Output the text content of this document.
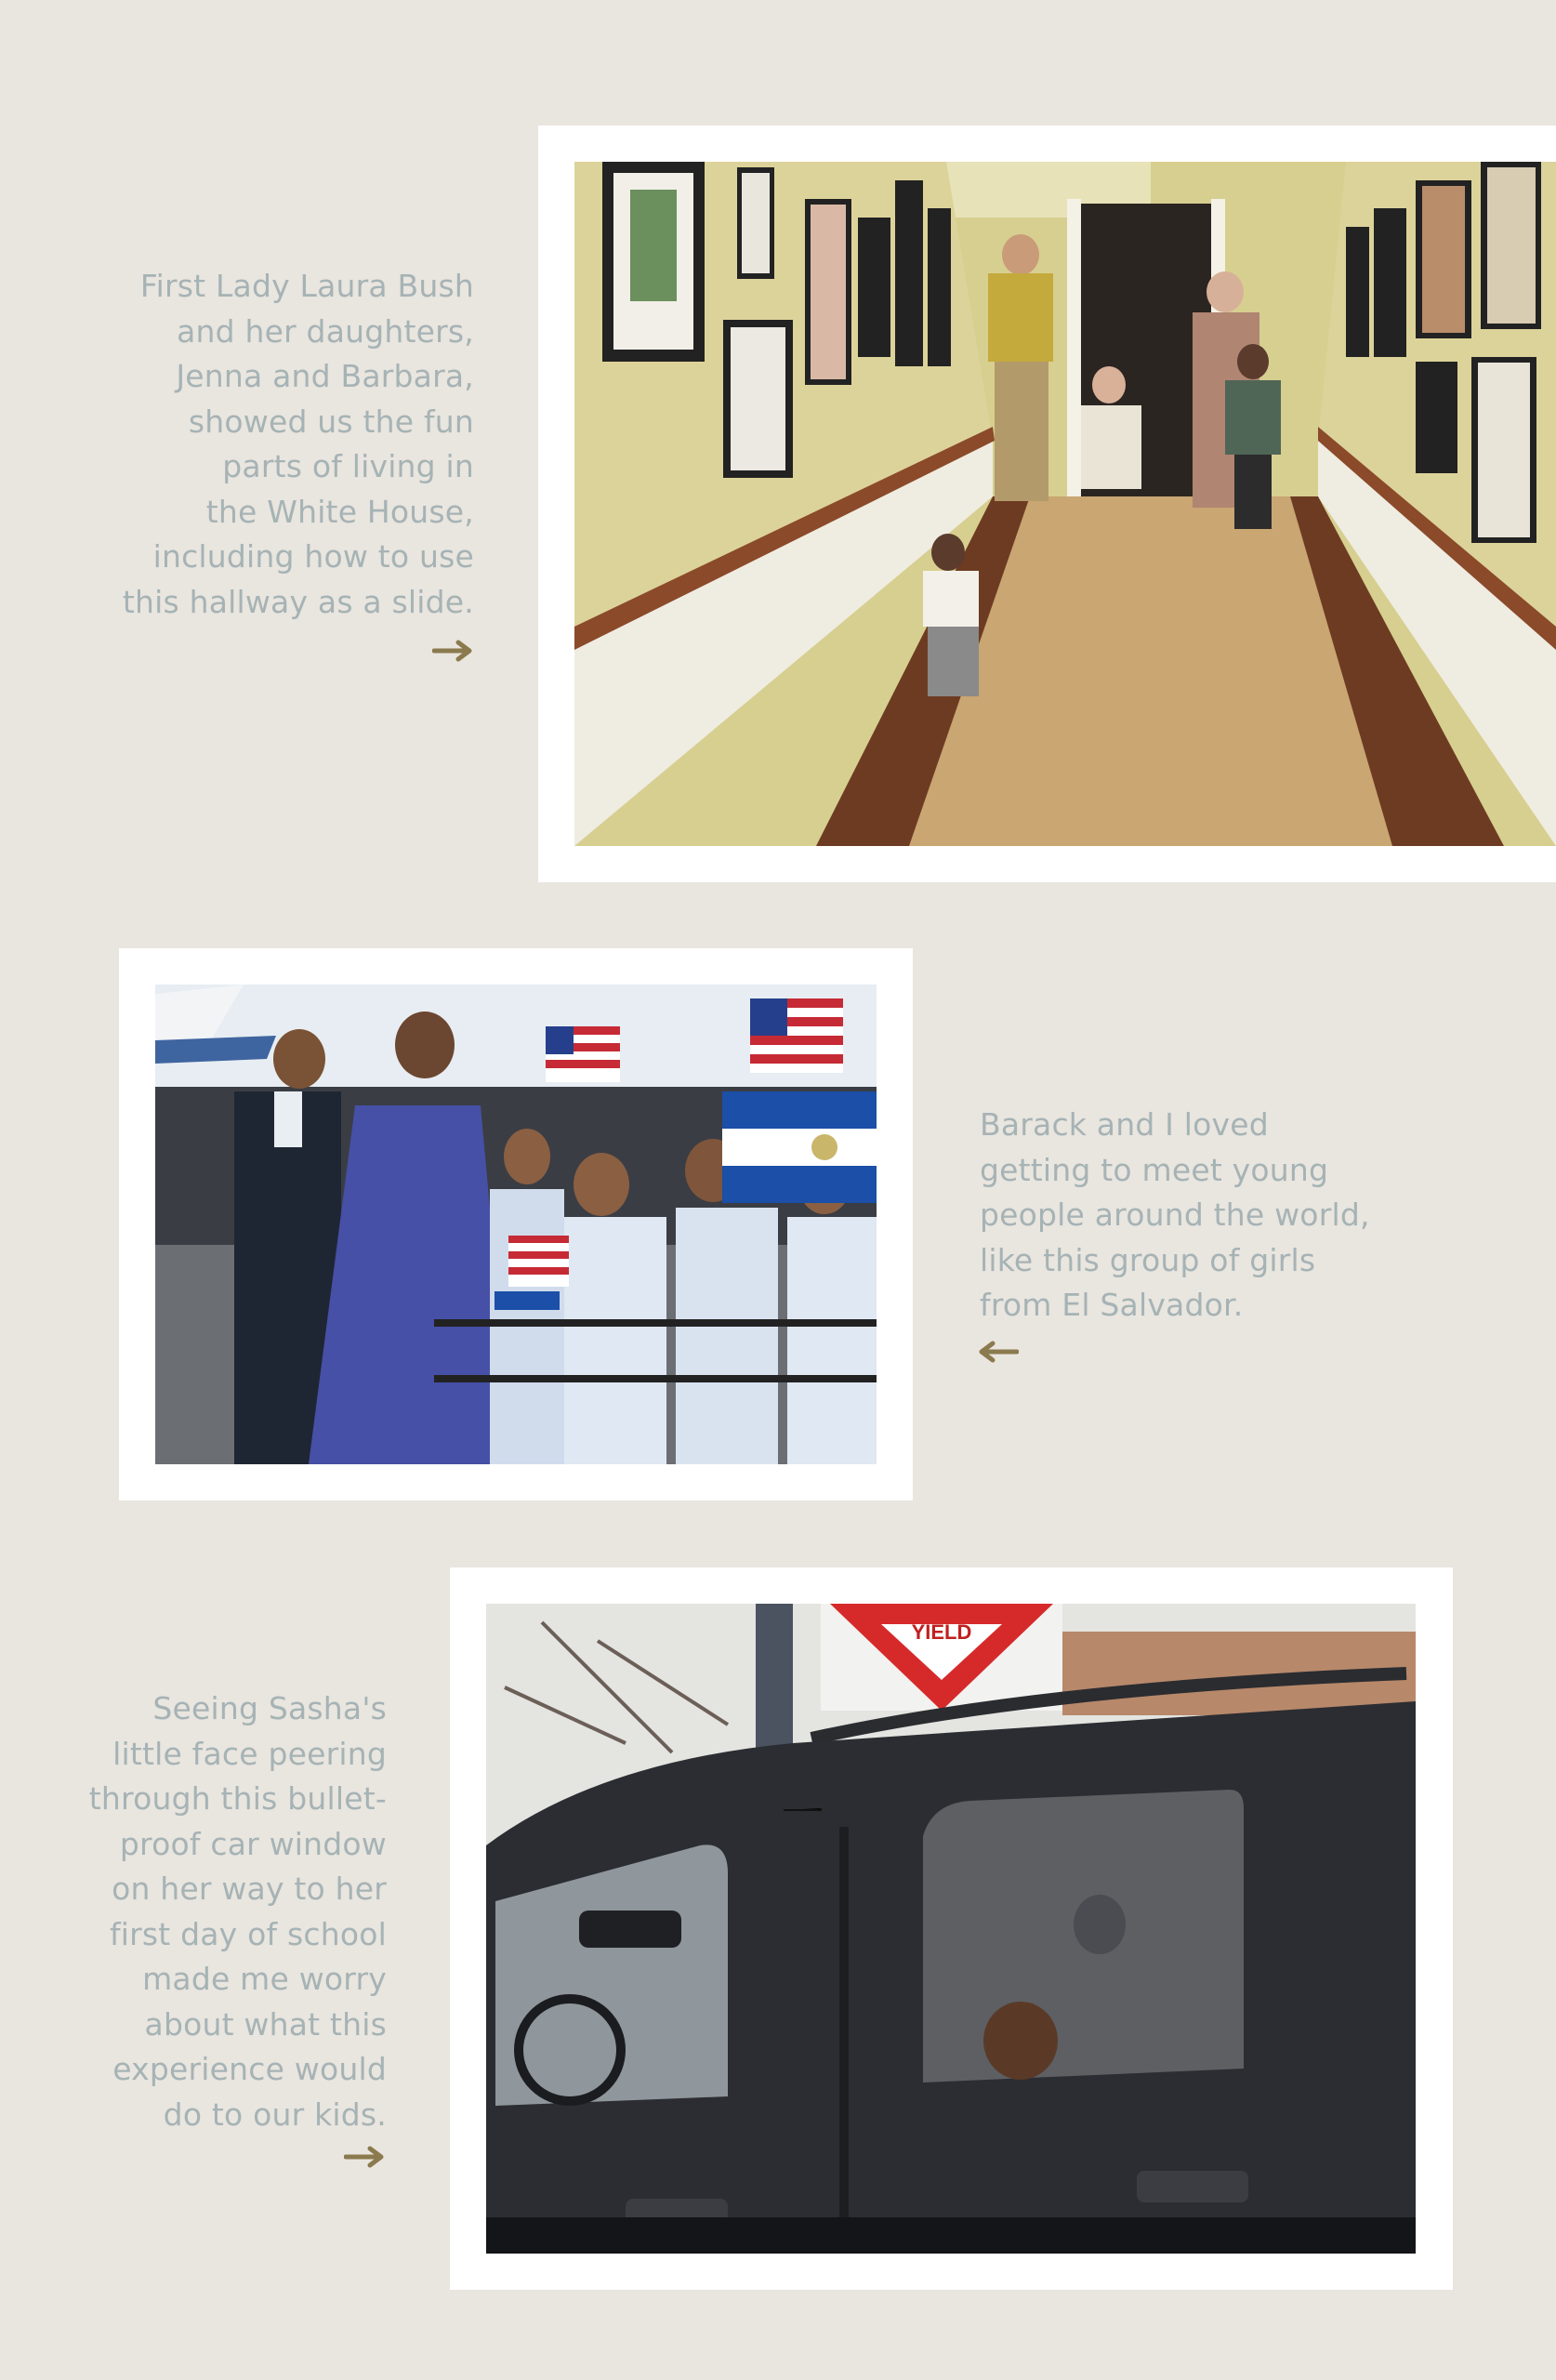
First Lady Laura Bush
and her daughters,
Jenna and Barbara,
showed us the fun
parts of living in
the White House,
including how to use
this hallway as a slide.
Barack and I loved
getting to meet young
people around the world,
like this group of girls
from El Salvador.
YIELD
Seeing Sasha's
little face peering
through this bullet-
proof car window
on her way to her
first day of school
made me worry
about what this
experience would
do to our kids.
